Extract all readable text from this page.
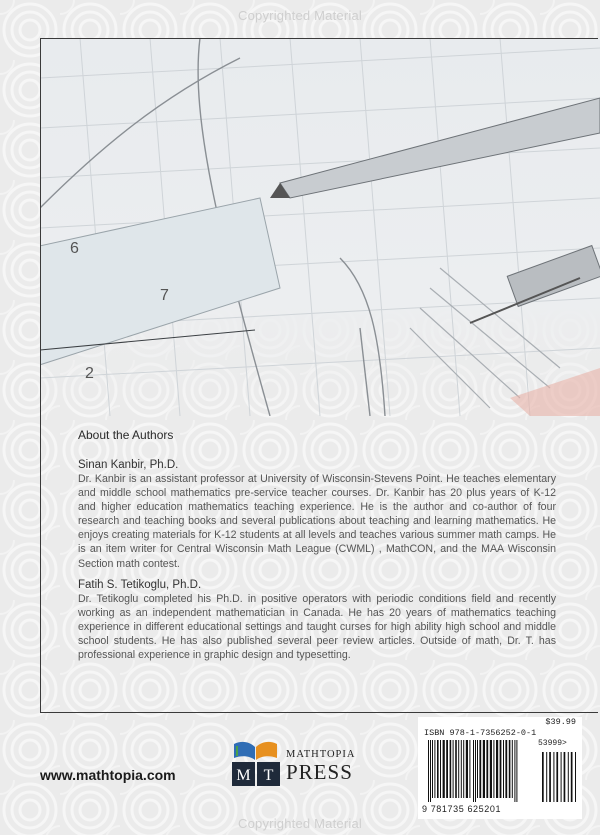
Copyrighted Material
6
7
2

About the Authors

Sinan Kanbir, Ph.D.

Dr. Kanbir is an assistant professor at University of Wisconsin-Stevens Point. He teaches elementary and middle school mathematics pre-service teacher courses. Dr. Kanbir has 20 plus years of K-12 and higher education mathematics teaching experience. He is the author and co-author of four research and teaching books and several publications about teaching and learning mathematics. He enjoys creating materials for K-12 students at all levels and teaches various summer math camps. He is an item writer for Central Wisconsin Math League (CWML) , MathCON, and the MAA Wisconsin Section math contest.

Fatih S. Tetikoglu, Ph.D.

Dr. Tetikoglu completed his Ph.D. in positive operators with periodic conditions field and recently working as an independent mathematician in Canada. He has 20 years of mathematics teaching experience in different educational settings and taught curses for high ability high school and middle school students. He has also published several peer review articles. Outside of math, Dr. T. has professional experience in graphic design and typesetting.

www.mathtopia.com	M T
MATHTOPIA
PRESS
$39.99
ISBN 978-1-7356252-0-1
53999>
9 781735 625201
Copyrighted Material
